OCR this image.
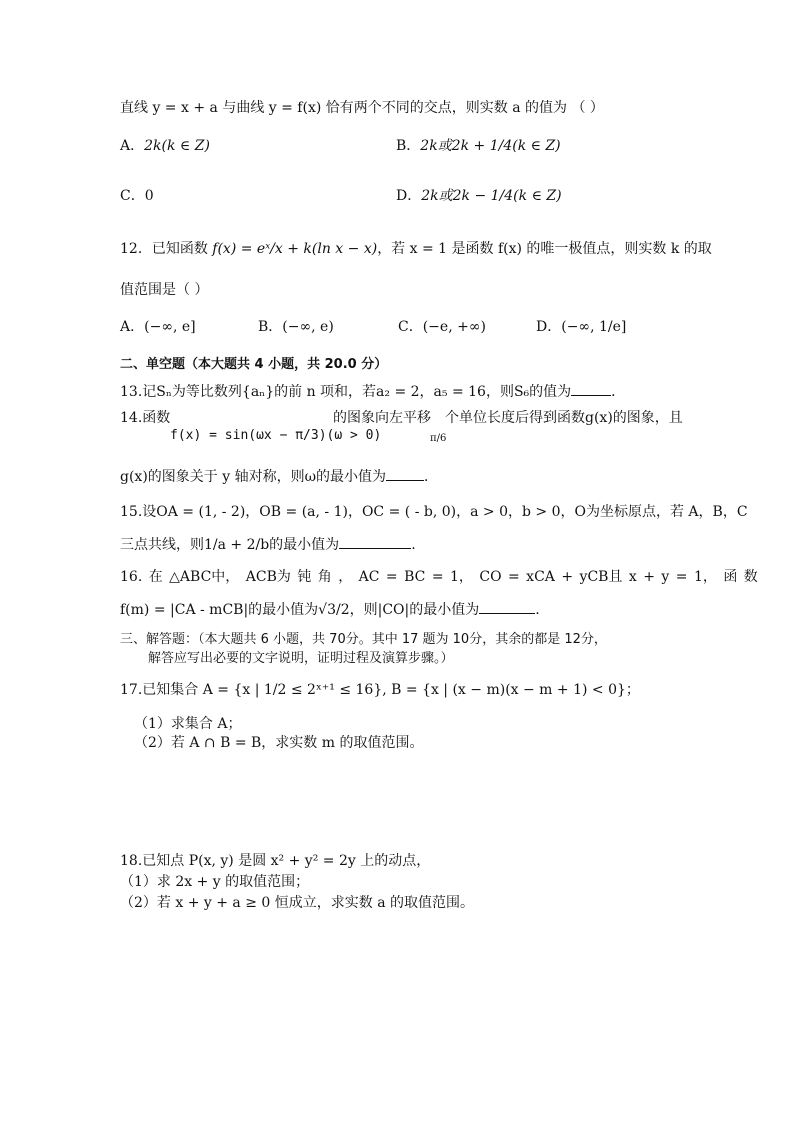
直线 y = x + a 与曲线 y = f(x) 恰有两个不同的交点，则实数 a 的值为 （ ）
A．2k(k ∈ Z)	B．2k或2k + 1/4(k ∈ Z)
C．0	D．2k或2k − 1/4(k ∈ Z)
12．已知函数 f(x) = eˣ/x + k(ln x − x)，若 x = 1 是函数 f(x) 的唯一极值点，则实数 k 的取
值范围是（ ）
A．(−∞, e]	B．(−∞, e)	C．(−e, +∞)	D．(−∞, 1/e]
二、单空题（本大题共 4 小题，共 20.0 分）
13.记Sₙ为等比数列{aₙ}的前 n 项和，若a₂ = 2，a₅ = 16，则S₆的值为	．
14.函数
f(x) = sin(ωx − π/3)(ω > 0)
的图象向左平移
π/6
个单位长度后得到函数g(x)的图象，且
g(x)的图象关于 y 轴对称，则ω的最小值为	．
15.设OA = (1, - 2)，OB = (a, - 1)，OC = ( - b, 0)，a > 0，b > 0，O为坐标原点，若 A，B，C
三点共线，则1/a + 2/b的最小值为	.
16. 在 △ABC中， ACB为 钝 角 ， AC = BC = 1， CO = xCA + yCB且 x + y = 1， 函 数
f(m) = |CA - mCB|的最小值为√3/2，则|CO|的最小值为	.
三、解答题：（本大题共 6 小题，共 70分。其中 17 题为 10分，其余的都是 12分，
解答应写出必要的文字说明，证明过程及演算步骤。）
17.已知集合 A = {x | 1/2 ≤ 2ˣ⁺¹ ≤ 16}, B = {x | (x − m)(x − m + 1) < 0}；
（1）求集合 A；
（2）若 A ∩ B = B，求实数 m 的取值范围。
18.已知点 P(x, y) 是圆 x² + y² = 2y 上的动点，
（1）求 2x + y 的取值范围；
（2）若 x + y + a ≥ 0 恒成立，求实数 a 的取值范围。
